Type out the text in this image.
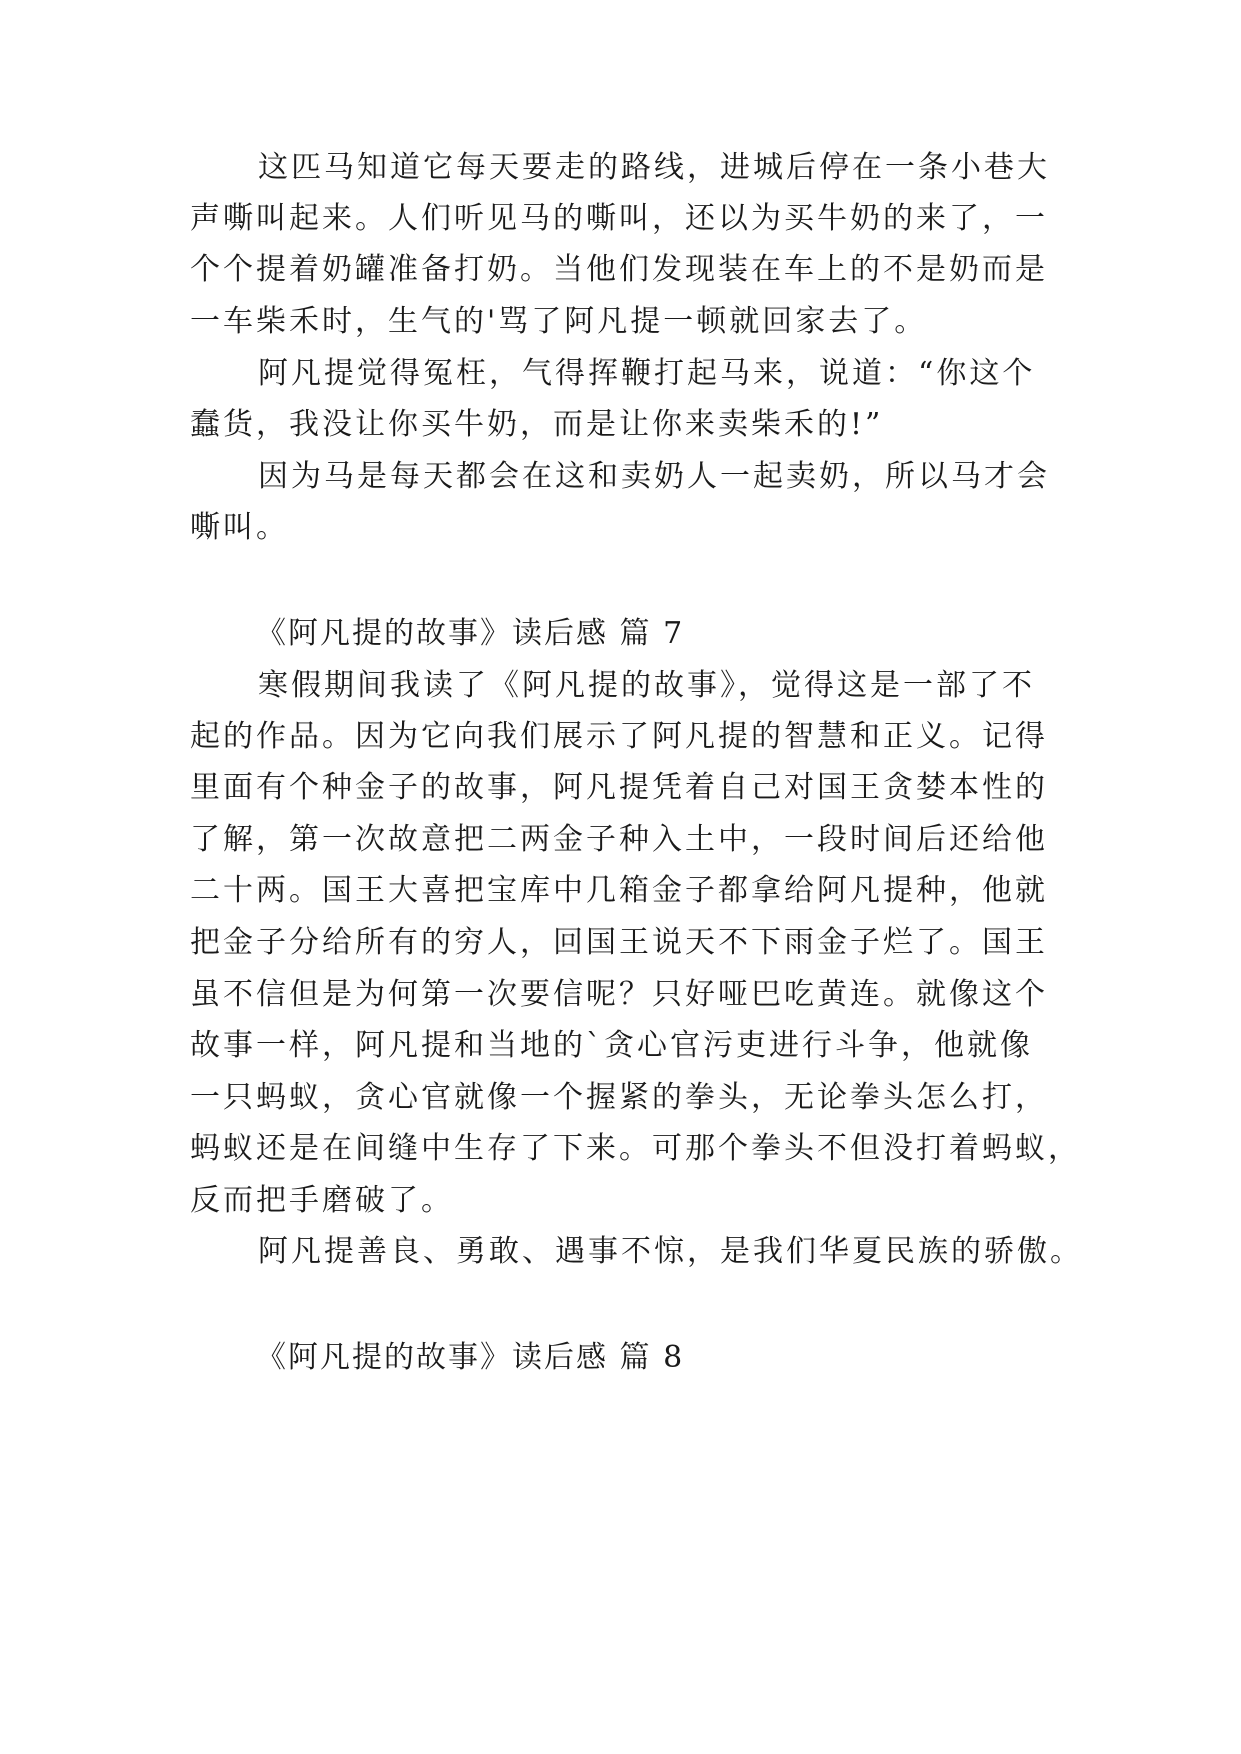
这匹马知道它每天要走的路线，进城后停在一条小巷大
声嘶叫起来。人们听见马的嘶叫，还以为买牛奶的来了，一
个个提着奶罐准备打奶。当他们发现装在车上的不是奶而是
一车柴禾时，生气的'骂了阿凡提一顿就回家去了。
阿凡提觉得冤枉，气得挥鞭打起马来，说道：“你这个
蠢货，我没让你买牛奶，而是让你来卖柴禾的!”
因为马是每天都会在这和卖奶人一起卖奶，所以马才会
嘶叫。
《阿凡提的故事》读后感 篇 7
寒假期间我读了《阿凡提的故事》，觉得这是一部了不
起的作品。因为它向我们展示了阿凡提的智慧和正义。记得
里面有个种金子的故事，阿凡提凭着自己对国王贪婪本性的
了解，第一次故意把二两金子种入土中，一段时间后还给他
二十两。国王大喜把宝库中几箱金子都拿给阿凡提种，他就
把金子分给所有的穷人，回国王说天不下雨金子烂了。国王
虽不信但是为何第一次要信呢？只好哑巴吃黄连。就像这个
故事一样，阿凡提和当地的`贪心官污吏进行斗争，他就像
一只蚂蚁，贪心官就像一个握紧的拳头，无论拳头怎么打，
蚂蚁还是在间缝中生存了下来。可那个拳头不但没打着蚂蚁，
反而把手磨破了。
阿凡提善良、勇敢、遇事不惊，是我们华夏民族的骄傲。
《阿凡提的故事》读后感 篇 8
